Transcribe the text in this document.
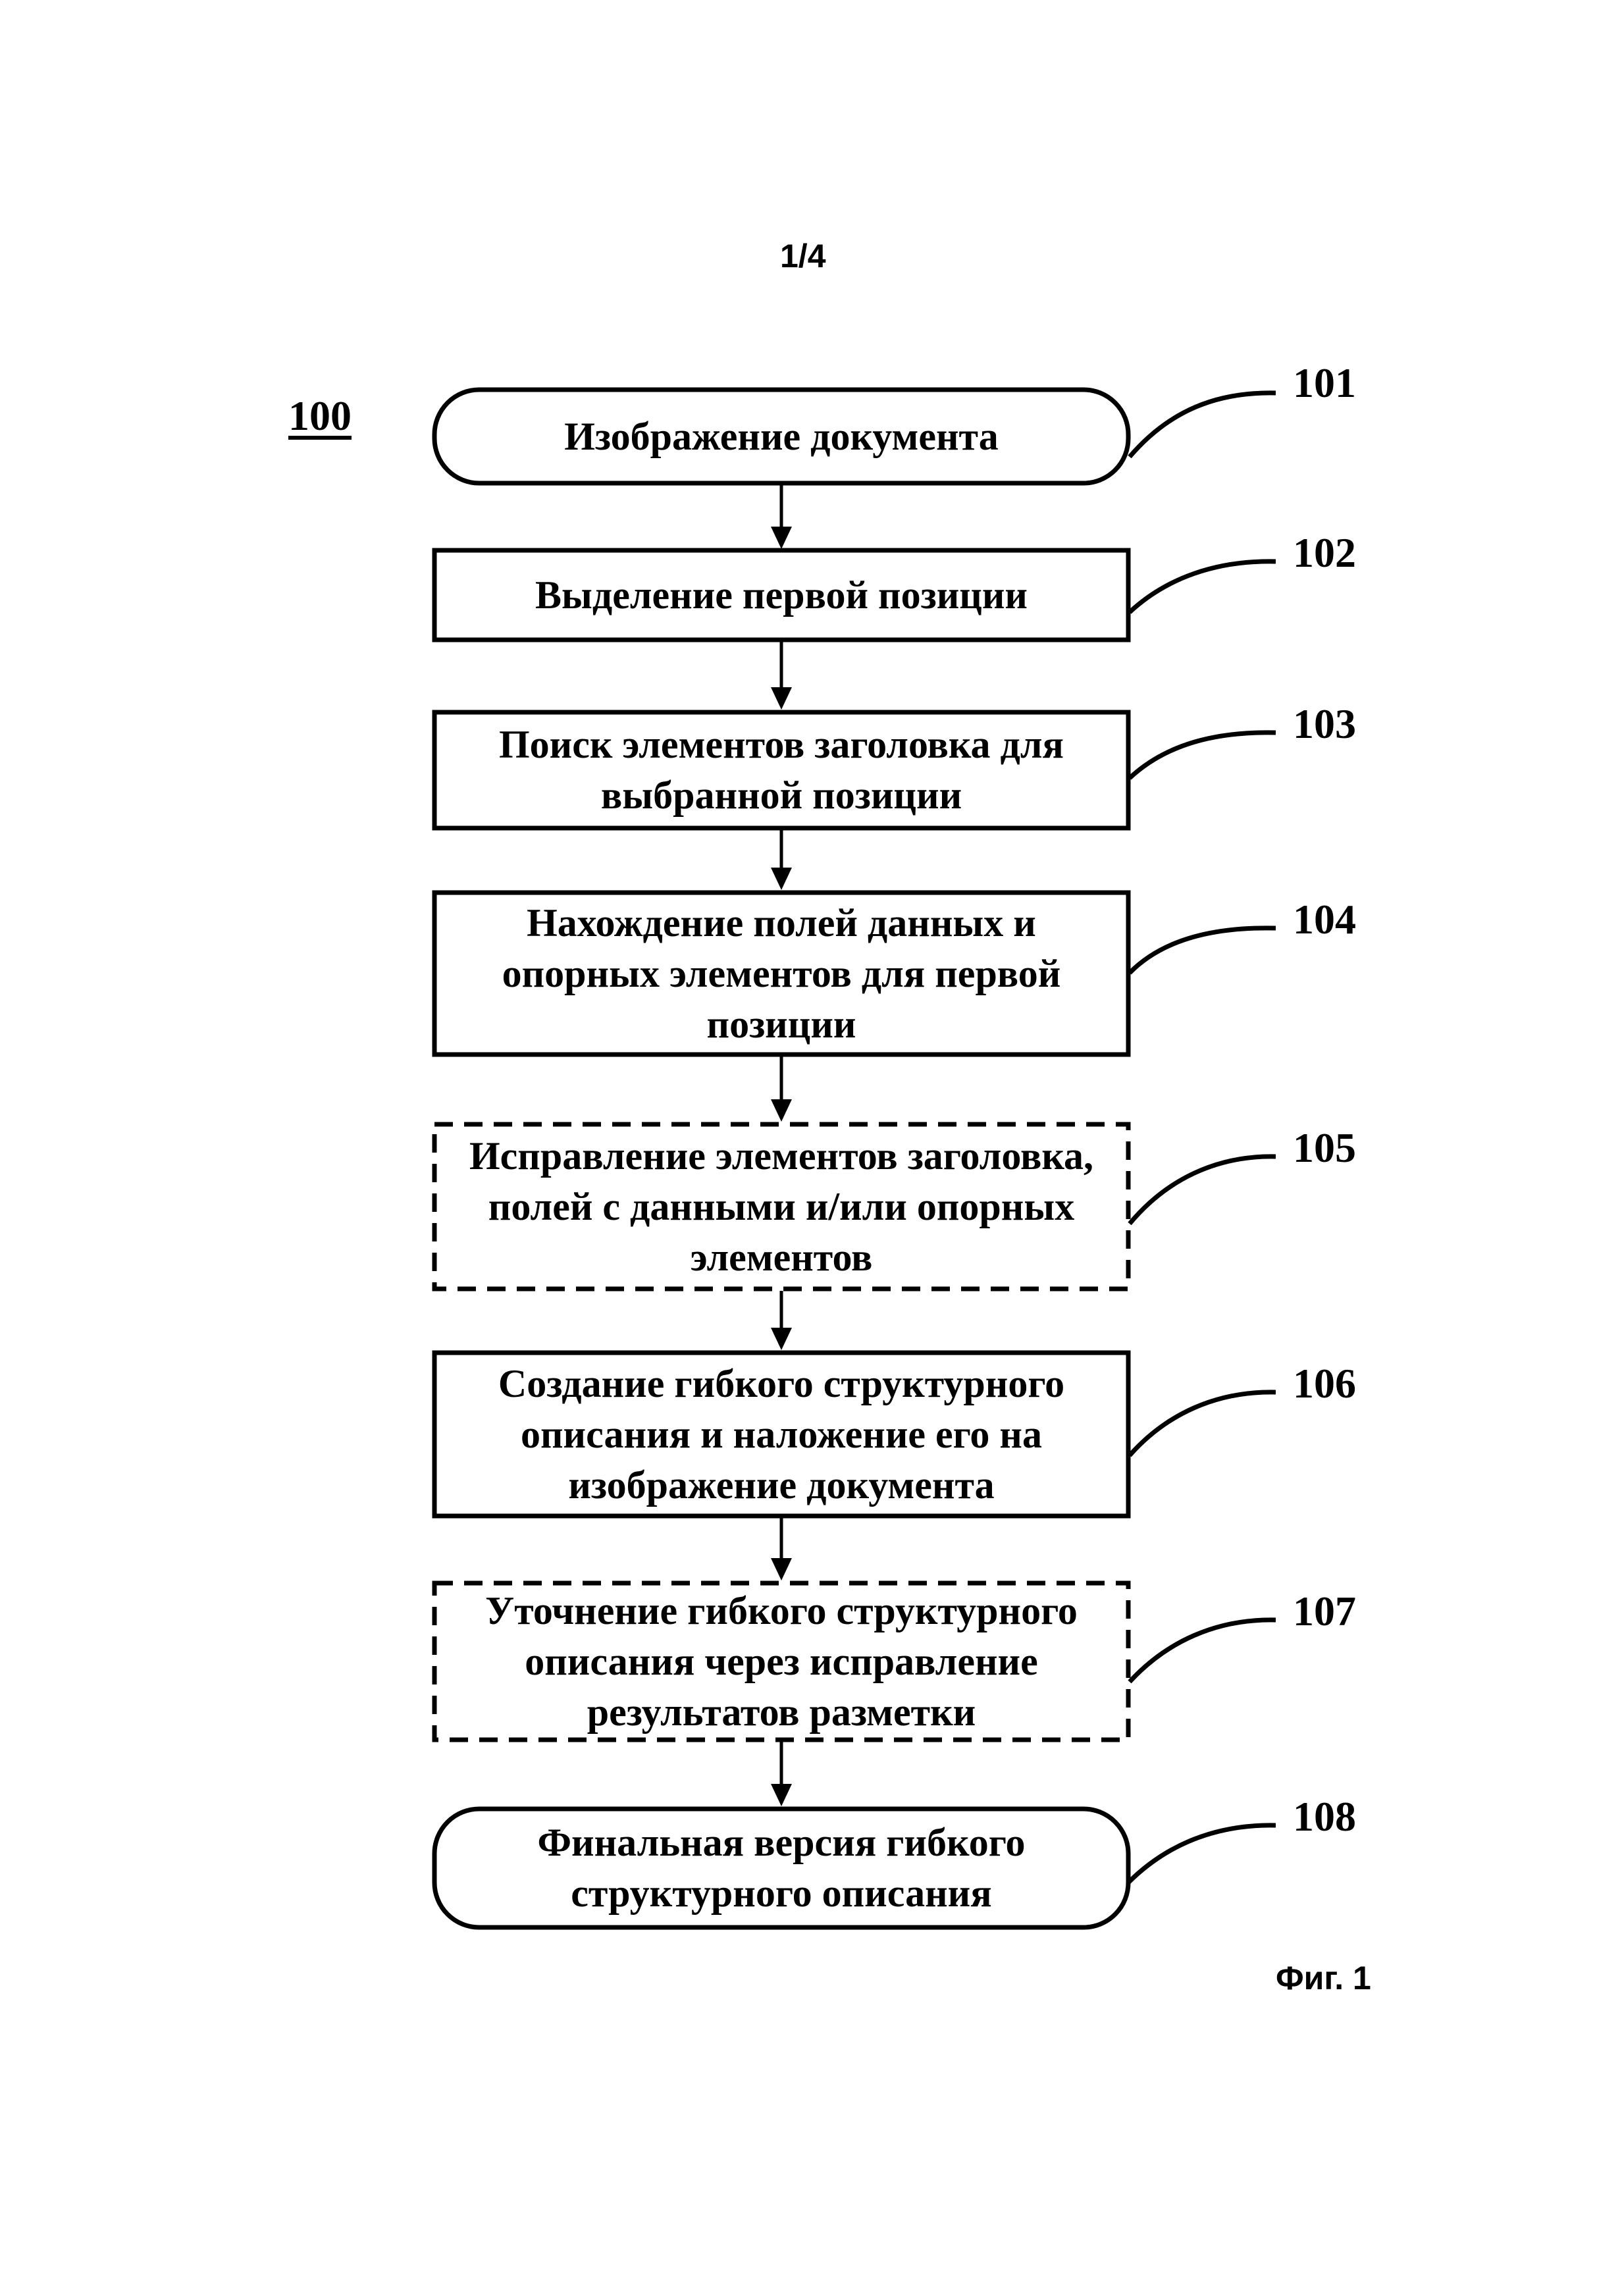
1/4
100
Фиг. 1
Изображение документа
Выделение первой позиции
Поиск элементов заголовка для
выбранной позиции
Нахождение полей данных и
опорных элементов для первой
позиции
Исправление элементов заголовка,
полей с данными и/или опорных
элементов
Создание гибкого структурного
описания и наложение его на
изображение документа
Уточнение гибкого структурного
описания через исправление
результатов разметки
Финальная версия гибкого
структурного описания
101
102
103
104
105
106
107
108
